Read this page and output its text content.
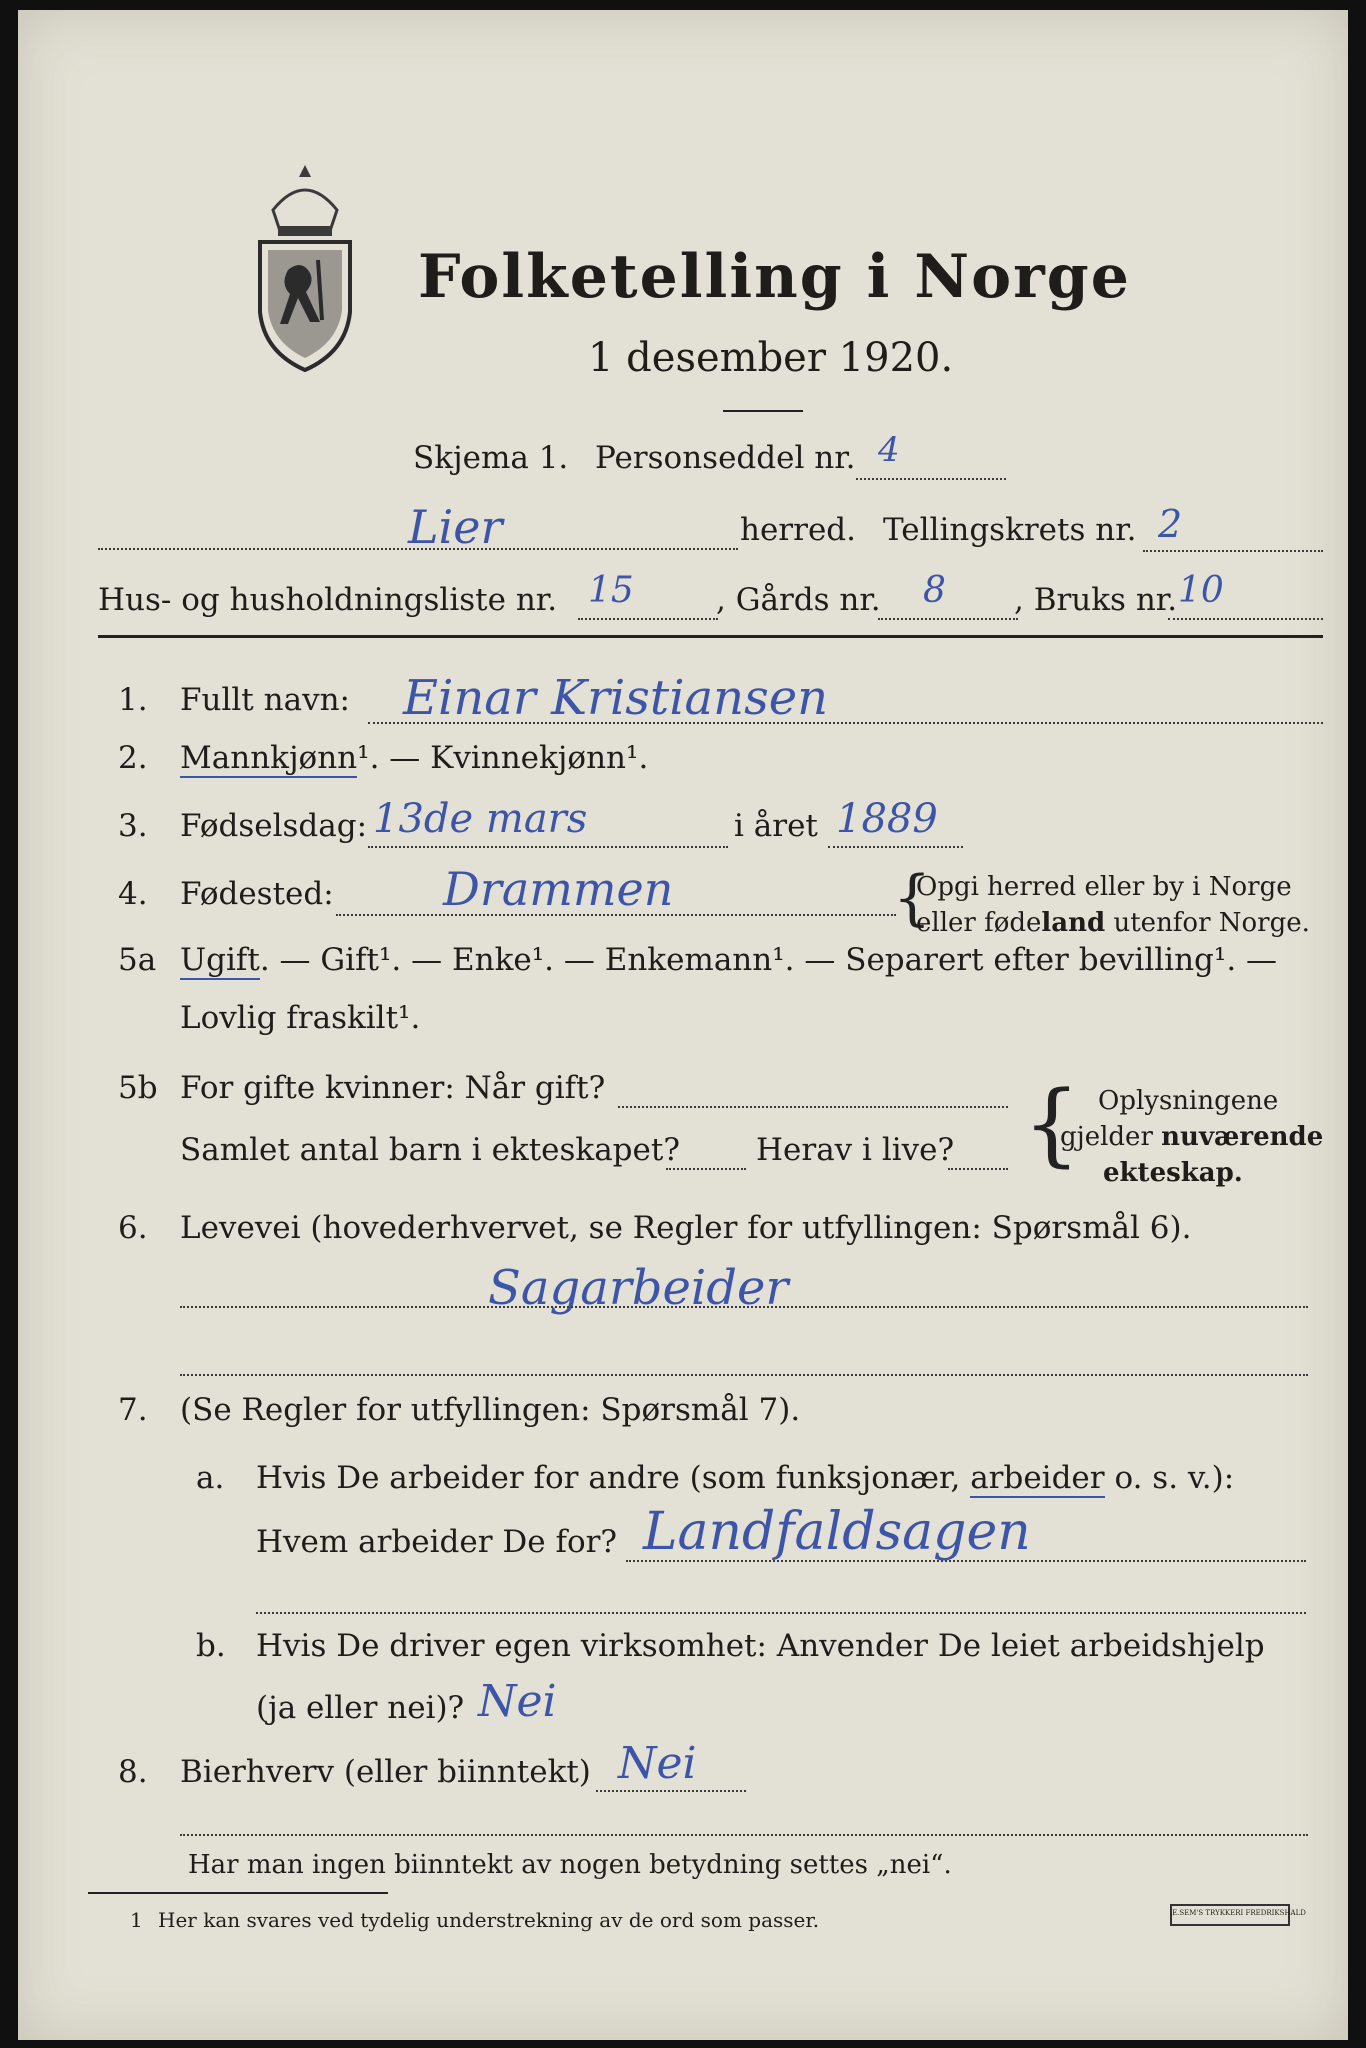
Folketelling i Norge
1 desember 1920.
Skjema 1. Personseddel nr. 4
Lier	herred. Tellingskrets nr. 2
Hus- og husholdningsliste nr. 15	, Gårds nr. 8 , Bruks nr. 10
1. Fullt navn: Einar Kristiansen
2. Mannkjønn¹. — Kvinnekjønn¹.
3. Fødselsdag: 13de mars	i året 1889
4. Fødested: Drammen	{
Opgi herred eller by i Norge
eller fødeland utenfor Norge.
5a Ugift. — Gift¹. — Enke¹. — Enkemann¹. — Separert efter bevilling¹. —
Lovlig fraskilt¹.
5b For gifte kvinner: Når gift?
Samlet antal barn i ekteskapet? Herav i live? { Oplysningene
gjelder nuværende
ekteskap.
6. Levevei (hovederhvervet, se Regler for utfyllingen: Spørsmål 6).
Sagarbeider
7. (Se Regler for utfyllingen: Spørsmål 7).
a. Hvis De arbeider for andre (som funksjonær, arbeider o. s. v.):
Hvem arbeider De for? Landfaldsagen
b. Hvis De driver egen virksomhet: Anvender De leiet arbeidshjelp
(ja eller nei)? Nei
8. Bierhverv (eller biinntekt) Nei
Har man ingen biinntekt av nogen betydning settes „nei“.
1 Her kan svares ved tydelig understrekning av de ord som passer.	E.SEM'S TRYKKERI FREDRIKSHALD
